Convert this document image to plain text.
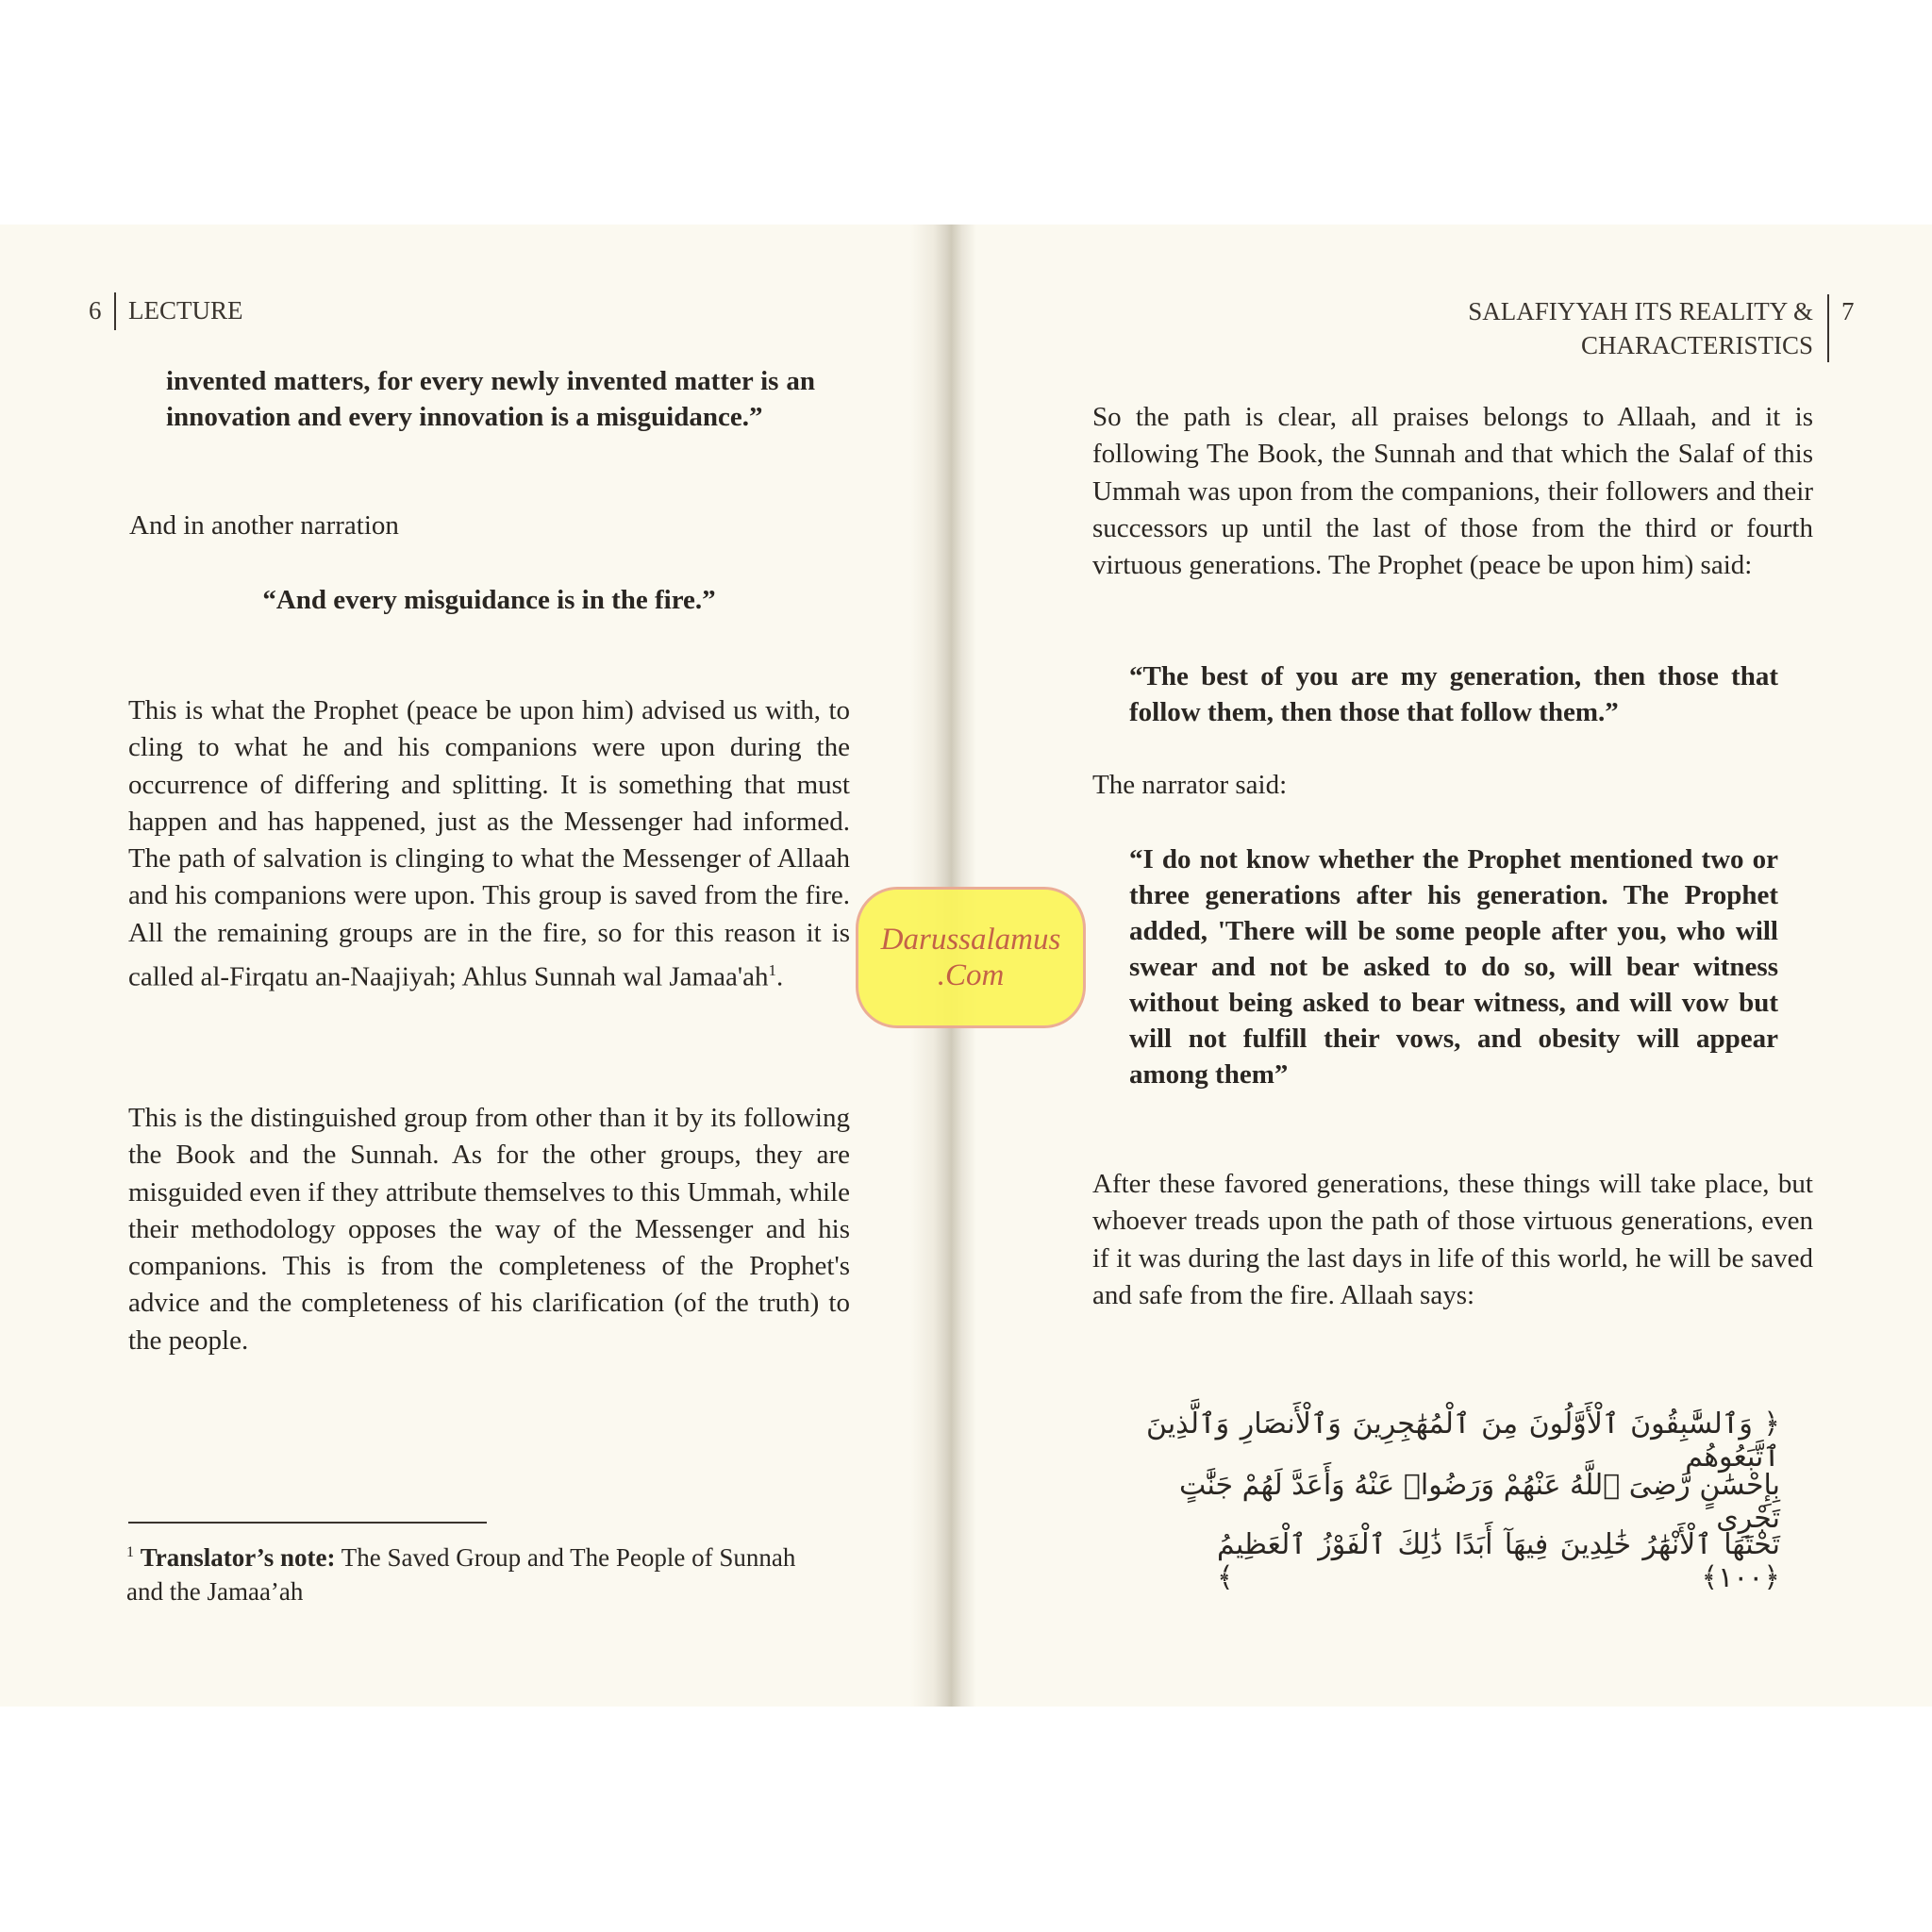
6 LECTURE
invented matters, for every newly invented matter is an innovation and every innovation is a misguidance.”
And in another narration
“And every misguidance is in the fire.”
This is what the Prophet (peace be upon him) advised us with, to cling to what he and his companions were upon during the occurrence of differing and splitting. It is something that must happen and has happened, just as the Messenger had informed. The path of salvation is clinging to what the Messenger of Allaah and his companions were upon. This group is saved from the fire. All the remaining groups are in the fire, so for this reason it is called al-Firqatu an-Naajiyah; Ahlus Sunnah wal $Jamaa'ah^1$.
This is the distinguished group from other than it by its following the Book and the Sunnah. As for the other groups, they are misguided even if they attribute themselves to this Ummah, while their methodology opposes the way of the Messenger and his companions. This is from the completeness of the Prophet's advice and the completeness of his clarification (of the truth) to the people.
$^1$ Translator’s note: The Saved Group and The People of Sunnah and the Jamaa’ah
SALAFIYYAH ITS REALITY &
CHARACTERISTICS
7
So the path is clear, all praises belongs to Allaah, and it is following The Book, the Sunnah and that which the Salaf of this Ummah was upon from the companions, their followers and their successors up until the last of those from the third or fourth virtuous generations. The Prophet (peace be upon him) said:
“The best of you are my generation, then those that follow them, then those that follow them.”
The narrator said:
“I do not know whether the Prophet mentioned two or three generations after his generation. The Prophet added, 'There will be some people after you, who will swear and not be asked to do so, will bear witness without being asked to bear witness, and will vow but will not fulfill their vows, and obesity will appear among them”
After these favored generations, these things will take place, but whoever treads upon the path of those virtuous generations, even if it was during the last days in life of this world, he will be saved and safe from the fire. Allaah says:
﴿ وَٱلسَّٰبِقُونَ ٱلْأَوَّلُونَ مِنَ ٱلْمُهَٰجِرِينَ وَٱلْأَنصَارِ وَٱلَّذِينَ ٱتَّبَعُوهُم
بِإِحْسَٰنٍ رَّضِىَ ٱللَّهُ عَنْهُمْ وَرَضُوا۟ عَنْهُ وَأَعَدَّ لَهُمْ جَنَّٰتٍ تَجْرِى
تَحْتَهَا ٱلْأَنْهَٰرُ خَٰلِدِينَ فِيهَآ أَبَدًا ذَٰلِكَ ٱلْفَوْزُ ٱلْعَظِيمُ ﴿١٠٠﴾ ﴾
Darussalamus
.Com
